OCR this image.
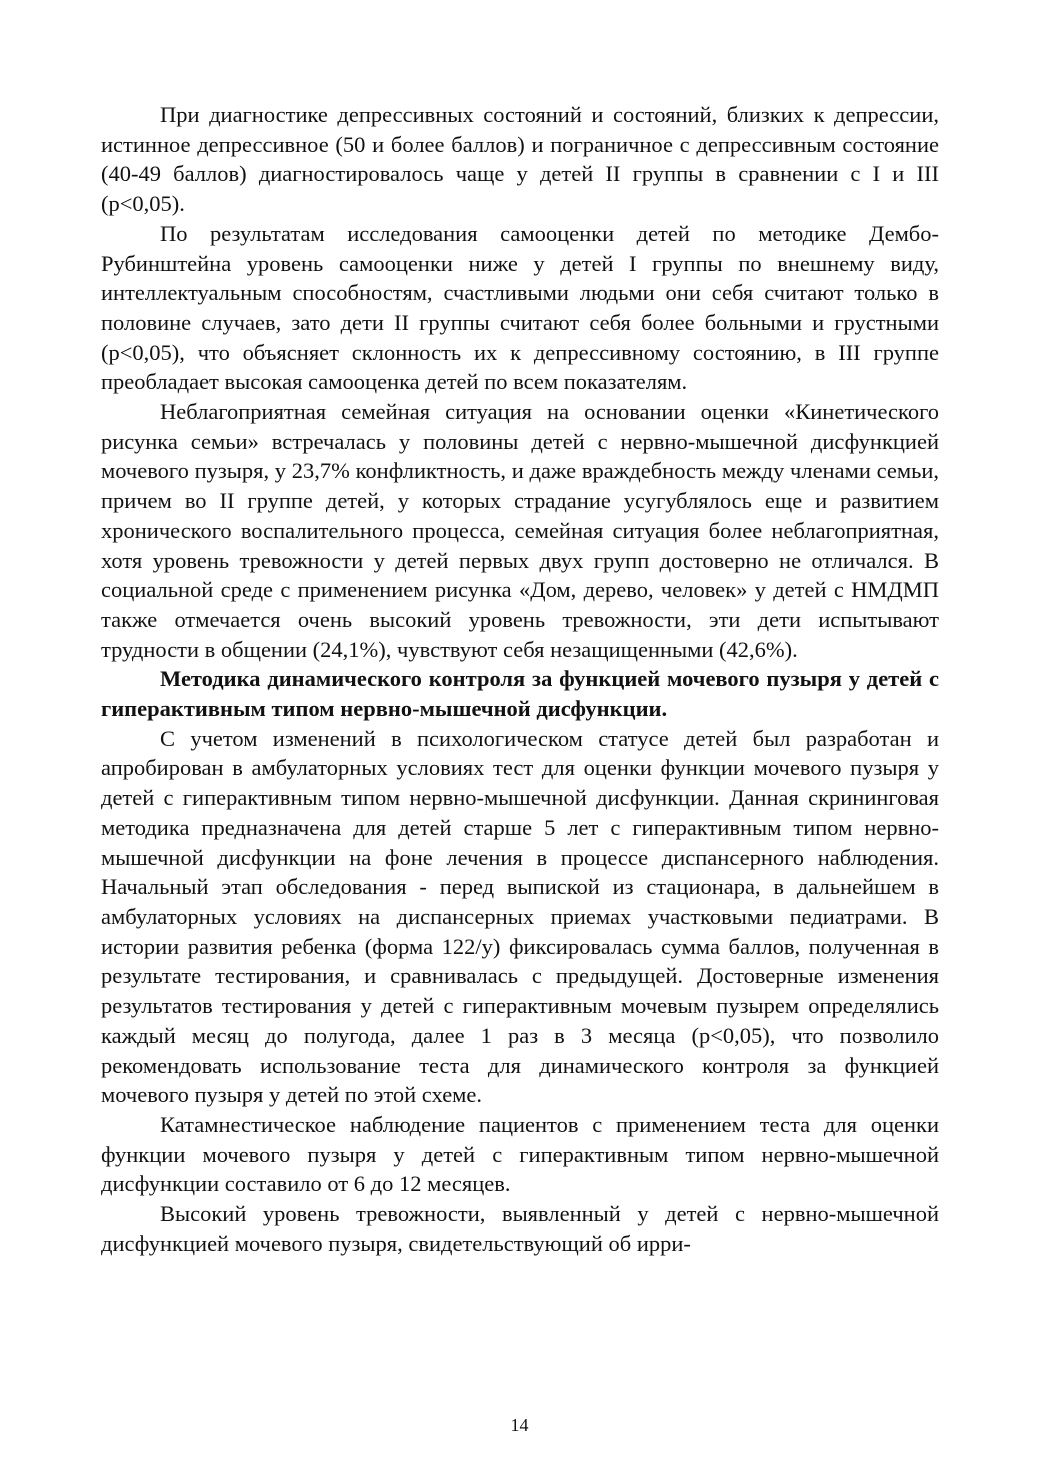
При диагностике депрессивных состояний и состояний, близких к депрессии, истинное депрессивное (50 и более баллов) и пограничное с депрессивным состояние (40-49 баллов) диагностировалось чаще у детей II группы в сравнении с I и III (р<0,05).

По результатам исследования самооценки детей по методике Дембо-Рубинштейна уровень самооценки ниже у детей I группы по внешнему виду, интеллектуальным способностям, счастливыми людьми они себя считают только в половине случаев, зато дети II группы считают себя более больными и грустными (р<0,05), что объясняет склонность их к депрессивному состоянию, в III группе преобладает высокая самооценка детей по всем показателям.

Неблагоприятная семейная ситуация на основании оценки «Кинетического рисунка семьи» встречалась у половины детей с нервно-мышечной дисфункцией мочевого пузыря, у 23,7% конфликтность, и даже враждебность между членами семьи, причем во II группе детей, у которых страдание усугублялось еще и развитием хронического воспалительного процесса, семейная ситуация более неблагоприятная, хотя уровень тревожности у детей первых двух групп достоверно не отличался. В социальной среде с применением рисунка «Дом, дерево, человек» у детей с НМДМП также отмечается очень высокий уровень тревожности, эти дети испытывают трудности в общении (24,1%), чувствуют себя незащищенными (42,6%).

Методика динамического контроля за функцией мочевого пузыря у детей с гиперактивным типом нервно-мышечной дисфункции.

С учетом изменений в психологическом статусе детей был разработан и апробирован в амбулаторных условиях тест для оценки функции мочевого пузыря у детей с гиперактивным типом нервно-мышечной дисфункции. Данная скрининговая методика предназначена для детей старше 5 лет с гиперактивным типом нервно-мышечной дисфункции на фоне лечения в процессе диспансерного наблюдения. Начальный этап обследования - перед выпиской из стационара, в дальнейшем в амбулаторных условиях на диспансерных приемах участковыми педиатрами. В истории развития ребенка (форма 122/у) фиксировалась сумма баллов, полученная в результате тестирования, и сравнивалась с предыдущей. Достоверные изменения результатов тестирования у детей с гиперактивным мочевым пузырем определялись каждый месяц до полугода, далее 1 раз в 3 месяца (р<0,05), что позволило рекомендовать использование теста для динамического контроля за функцией мочевого пузыря у детей по этой схеме.

Катамнестическое наблюдение пациентов с применением теста для оценки функции мочевого пузыря у детей с гиперактивным типом нервно-мышечной дисфункции составило от 6 до 12 месяцев.

Высокий уровень тревожности, выявленный у детей с нервно-мышечной дисфункцией мочевого пузыря, свидетельствующий об ирри-

14
